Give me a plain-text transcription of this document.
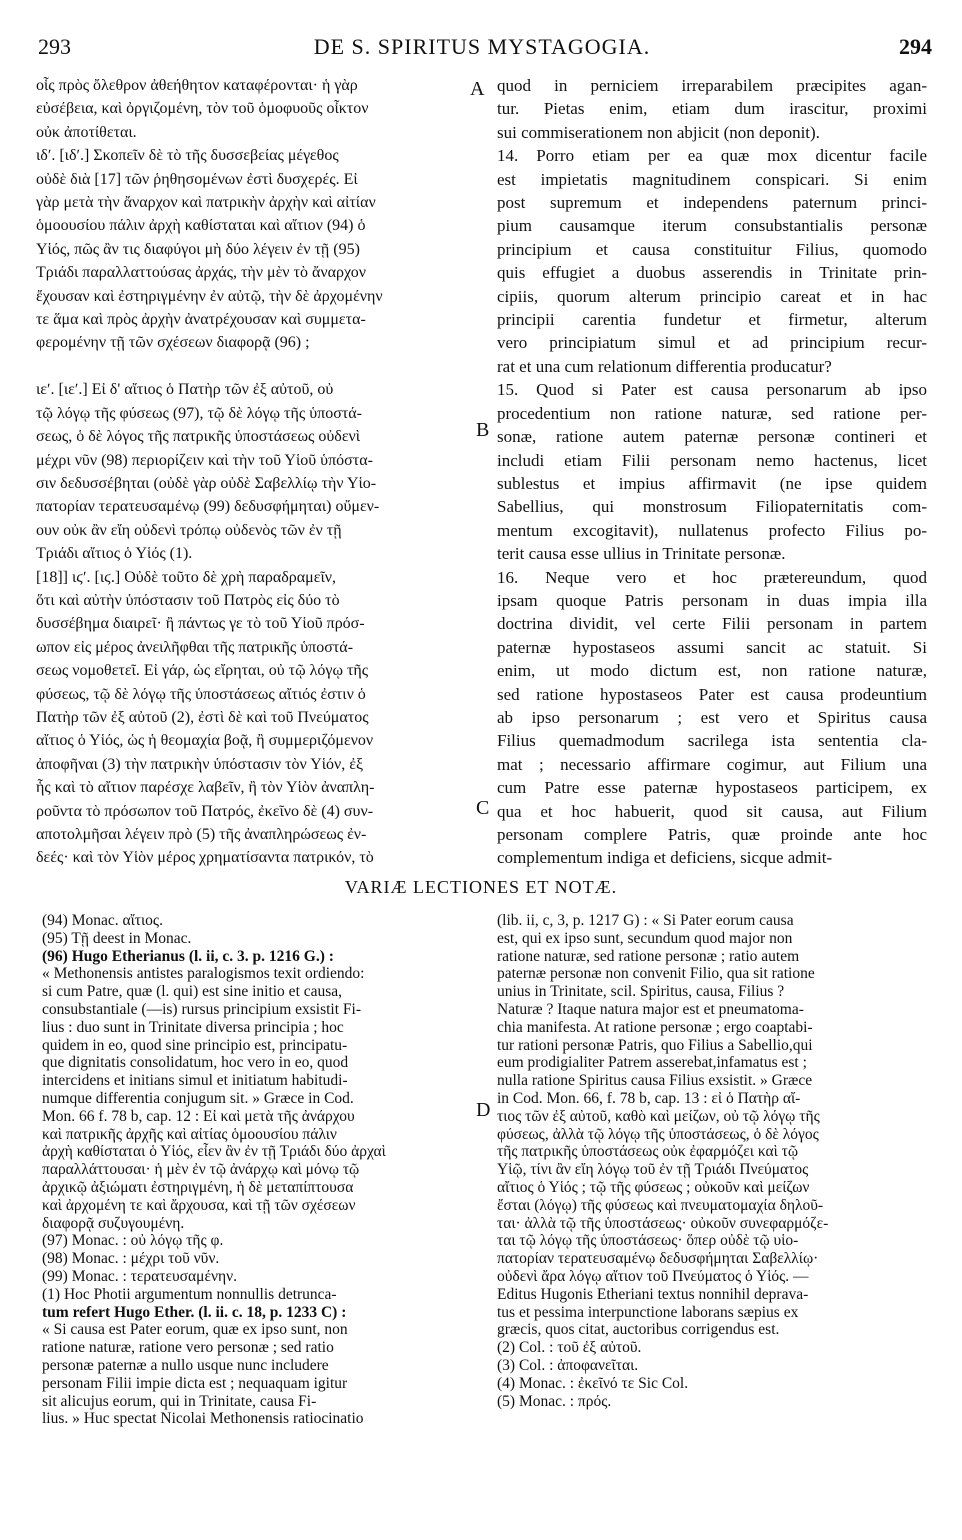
293	DE S. SPIRITUS MYSTAGOGIA.	294
οἷς πρὸς ὄλεθρον ἀθεήθητον καταφέρονται· ἡ γὰρ
εὐσέβεια, καὶ ὀργιζομένη, τὸν τοῦ ὁμοφυοῦς οἶκτον
οὐκ ἀποτίθεται.
ιδʹ. [ιδʹ.] Σκοπεῖν δὲ τὸ τῆς δυσσεβείας μέγεθος
οὐδὲ διὰ [17] τῶν ῥηθησομένων ἐστὶ δυσχερές. Εἰ
γὰρ μετὰ τὴν ἄναρχον καὶ πατρικὴν ἀρχὴν καὶ αἰτίαν
ὁμοουσίου πάλιν ἀρχὴ καθίσταται καὶ αἴτιον (94) ὁ
Υἱός, πῶς ἂν τις διαφύγοι μὴ δύο λέγειν ἐν τῇ (95)
Τριάδι παραλλαττούσας ἀρχάς, τὴν μὲν τὸ ἄναρχον
ἔχουσαν καὶ ἐστηριγμένην ἐν αὐτῷ, τὴν δὲ ἀρχομένην
τε ἅμα καὶ πρὸς ἀρχὴν ἀνατρέχουσαν καὶ συμμετα-
φερομένην τῇ τῶν σχέσεων διαφορᾷ (96) ;

ιεʹ. [ιεʹ.] Εἰ δ' αἴτιος ὁ Πατὴρ τῶν ἐξ αὐτοῦ, οὐ
τῷ λόγῳ τῆς φύσεως (97), τῷ δὲ λόγῳ τῆς ὑποστά-
σεως, ὁ δὲ λόγος τῆς πατρικῆς ὑποστάσεως οὐδενὶ
μέχρι νῦν (98) περιορίζειν καὶ τὴν τοῦ Υἱοῦ ὑπόστα-
σιν δεδυσσέβηται (οὐδὲ γὰρ οὐδὲ Σαβελλίῳ τὴν Υἱο-
πατορίαν τερατευσαμένῳ (99) δεδυσφήμηται) οὔμεν-
ουν οὐκ ἂν εἴη οὐδενὶ τρόπῳ οὐδενὸς τῶν ἐν τῇ
Τριάδι αἴτιος ὁ Υἱός (1).
[18]] ιϛʹ. [ιϛ.] Οὐδὲ τοῦτο δὲ χρὴ παραδραμεῖν,
ὅτι καὶ αὐτὴν ὑπόστασιν τοῦ Πατρὸς εἰς δύο τὸ
δυσσέβημα διαιρεῖ· ἢ πάντως γε τὸ τοῦ Υἱοῦ πρόσ-
ωπον εἰς μέρος ἀνειλῆφθαι τῆς πατρικῆς ὑποστά-
σεως νομοθετεῖ. Εἰ γάρ, ὡς εἴρηται, οὐ τῷ λόγῳ τῆς
φύσεως, τῷ δὲ λόγῳ τῆς ὑποστάσεως αἴτιός ἐστιν ὁ
Πατὴρ τῶν ἐξ αὐτοῦ (2), ἐστὶ δὲ καὶ τοῦ Πνεύματος
αἴτιος ὁ Υἱός, ὡς ἡ θεομαχία βοᾷ, ἢ συμμεριζόμενον
ἀποφῆναι (3) τὴν πατρικὴν ὑπόστασιν τὸν Υἱόν, ἐξ
ἧς καὶ τὸ αἴτιον παρέσχε λαβεῖν, ἢ τὸν Υἱὸν ἀναπλη-
ροῦντα τὸ πρόσωπον τοῦ Πατρός, ἐκεῖνο δὲ (4) συν-
αποτολμῆσαι λέγειν πρὸ (5) τῆς ἀναπληρώσεως ἐν-
δεές· καὶ τὸν Υἱὸν μέρος χρηματίσαντα πατρικόν, τὸ
quod in perniciem irreparabilem præcipites agan-
tur. Pietas enim, etiam dum irascitur, proximi
sui commiserationem non abjicit (non deponit).
14. Porro etiam per ea quæ mox dicentur facile
est impietatis magnitudinem conspicari. Si enim
post supremum et independens paternum princi-
pium causamque iterum consubstantialis personæ
principium et causa constituitur Filius, quomodo
quis effugiet a duobus asserendis in Trinitate prin-
cipiis, quorum alterum principio careat et in hac
principii carentia fundetur et firmetur, alterum
vero principiatum simul et ad principium recur-
rat et una cum relationum differentia producatur?
15. Quod si Pater est causa personarum ab ipso
procedentium non ratione naturæ, sed ratione per-
sonæ, ratione autem paternæ personæ contineri et
includi etiam Filii personam nemo hactenus, licet
sublestus et impius affirmavit (ne ipse quidem
Sabellius, qui monstrosum Filiopaternitatis com-
mentum excogitavit), nullatenus profecto Filius po-
terit causa esse ullius in Trinitate personæ.
16. Neque vero et hoc prætereundum, quod
ipsam quoque Patris personam in duas impia illa
doctrina dividit, vel certe Filii personam in partem
paternæ hypostaseos assumi sancit ac statuit. Si
enim, ut modo dictum est, non ratione naturæ,
sed ratione hypostaseos Pater est causa prodeuntium
ab ipso personarum ; est vero et Spiritus causa
Filius quemadmodum sacrilega ista sententia cla-
mat ; necessario affirmare cogimur, aut Filium una
cum Patre esse paternæ hypostaseos participem, ex
qua et hoc habuerit, quod sit causa, aut Filium
personam complere Patris, quæ proinde ante hoc
complementum indiga et deficiens, sicque admit-
A
B
C
D
VARIÆ LECTIONES ET NOTÆ.
(94) Monac. αἴτιος.
(95) Τῇ deest in Monac.
(96) Hugo Etherianus (l. ii, c. 3. p. 1216 G.) :
« Methonensis antistes paralogismos texit ordiendo:
si cum Patre, quæ (l. qui) est sine initio et causa,
consubstantiale (—is) rursus principium exsistit Fi-
lius : duo sunt in Trinitate diversa principia ; hoc
quidem in eo, quod sine principio est, principatu-
que dignitatis consolidatum, hoc vero in eo, quod
intercidens et initians simul et initiatum habitudi-
numque differentia conjugum sit. » Græce in Cod.
Mon. 66 f. 78 b, cap. 12 : Εἰ καὶ μετὰ τῆς ἀνάρχου
καὶ πατρικῆς ἀρχῆς καὶ αἰτίας ὁμοουσίου πάλιν
ἀρχὴ καθίσταται ὁ Υἱός, εἶεν ἂν ἐν τῇ Τριάδι δύο ἀρχαὶ
παραλλάττουσαι· ἡ μὲν ἐν τῷ ἀνάρχῳ καὶ μόνῳ τῷ
ἀρχικῷ ἀξιώματι ἐστηριγμένη, ἡ δὲ μεταπίπτουσα
καὶ ἀρχομένη τε καὶ ἄρχουσα, καὶ τῇ τῶν σχέσεων
διαφορᾷ συζυγουμένη.
(97) Monac. : οὐ λόγῳ τῆς φ.
(98) Monac. : μέχρι τοῦ νῦν.
(99) Monac. : τερατευσαμένην.
(1) Hoc Photii argumentum nonnullis detrunca-
tum refert Hugo Ether. (l. ii. c. 18, p. 1233 C) :
« Si causa est Pater eorum, quæ ex ipso sunt, non
ratione naturæ, ratione vero personæ ; sed ratio
personæ paternæ a nullo usque nunc includere
personam Filii impie dicta est ; nequaquam igitur
sit alicujus eorum, qui in Trinitate, causa Fi-
lius. » Huc spectat Nicolai Methonensis ratiocinatio
(lib. ii, c, 3, p. 1217 G) : « Si Pater eorum causa
est, qui ex ipso sunt, secundum quod major non
ratione naturæ, sed ratione personæ ; ratio autem
paternæ personæ non convenit Filio, qua sit ratione
unius in Trinitate, scil. Spiritus, causa, Filius ?
Naturæ ? Itaque natura major est et pneumatoma-
chia manifesta. At ratione personæ ; ergo coaptabi-
tur rationi personæ Patris, quo Filius a Sabellio,qui
eum prodigialiter Patrem asserebat,infamatus est ;
nulla ratione Spiritus causa Filius exsistit. » Græce
in Cod. Mon. 66, f. 78 b, cap. 13 : εἰ ὁ Πατὴρ αἴ-
τιος τῶν ἐξ αὐτοῦ, καθὸ καὶ μείζων, οὐ τῷ λόγῳ τῆς
φύσεως, ἀλλὰ τῷ λόγῳ τῆς ὑποστάσεως, ὁ δὲ λόγος
τῆς πατρικῆς ὑποστάσεως οὐκ ἐφαρμόζει καὶ τῷ
Υἱῷ, τίνι ἂν εἴη λόγῳ τοῦ ἐν τῇ Τριάδι Πνεύματος
αἴτιος ὁ Υἱός ; τῷ τῆς φύσεως ; οὐκοῦν καὶ μείζων
ἔσται (λόγῳ) τῆς φύσεως καὶ πνευματομαχία δηλοῦ-
ται· ἀλλὰ τῷ τῆς ὑποστάσεως· οὐκοῦν συνεφαρμόζε-
ται τῷ λόγῳ τῆς ὑποστάσεως· ὅπερ οὐδὲ τῷ υἱο-
πατορίαν τερατευσαμένῳ δεδυσφήμηται Σαβελλίῳ·
οὐδενὶ ἄρα λόγῳ αἴτιον τοῦ Πνεύματος ὁ Υἱός. —
Editus Hugonis Etheriani textus nonnihil deprava-
tus et pessima interpunctione laborans sæpius ex
græcis, quos citat, auctoribus corrigendus est.
(2) Col. : τοῦ ἐξ αὐτοῦ.
(3) Col. : ἀποφανεῖται.
(4) Monac. : ἐκεῖνό τε Sic Col.
(5) Monac. : πρός.
